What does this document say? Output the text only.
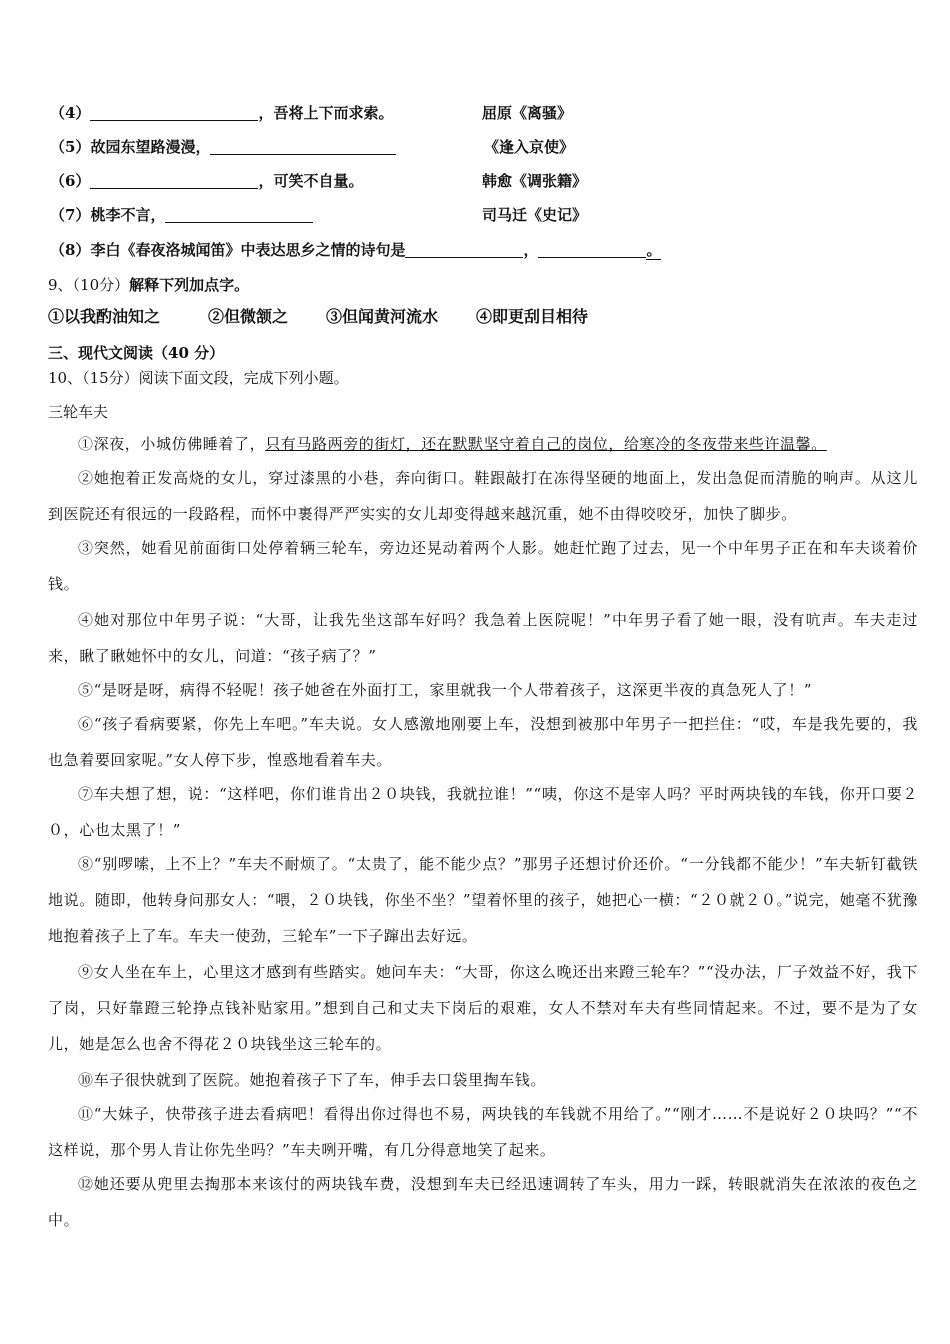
（4）	，吾将上下而求索。	屈原《离骚》
（5）故园东望路漫漫，	《逢入京使》
（6）	，可笑不自量。	韩愈《调张籍》
（7）桃李不言，	司马迁《史记》
（8）李白《春夜洛城闻笛》中表达思乡之情的诗句是	，	。
9、（10分）解释下列加点字。
①以我酌油知之	②但微颔之 ③但闻黄河流水 ④即更刮目相待
三、现代文阅读（40 分）
10、（15分）阅读下面文段，完成下列小题。
三轮车夫
①深夜，小城仿佛睡着了，只有马路两旁的街灯，还在默默坚守着自己的岗位，给寒冷的冬夜带来些许温馨。
②她抱着正发高烧的女儿，穿过漆黑的小巷，奔向街口。鞋跟敲打在冻得坚硬的地面上，发出急促而清脆的响声。从这儿到医院还有很远的一段路程，而怀中裹得严严实实的女儿却变得越来越沉重，她不由得咬咬牙，加快了脚步。
③突然，她看见前面街口处停着辆三轮车，旁边还晃动着两个人影。她赶忙跑了过去，见一个中年男子正在和车夫谈着价钱。
④她对那位中年男子说：“大哥，让我先坐这部车好吗？我急着上医院呢！”中年男子看了她一眼，没有吭声。车夫走过来，瞅了瞅她怀中的女儿，问道：“孩子病了？”
⑤“是呀是呀，病得不轻呢！孩子她爸在外面打工，家里就我一个人带着孩子，这深更半夜的真急死人了！”
⑥“孩子看病要紧，你先上车吧。”车夫说。女人感激地刚要上车，没想到被那中年男子一把拦住：“哎，车是我先要的，我也急着要回家呢。”女人停下步，惶惑地看着车夫。
⑦车夫想了想，说：“这样吧，你们谁肯出２０块钱，我就拉谁！”“咦，你这不是宰人吗？平时两块钱的车钱，你开口要２０，心也太黑了！”
⑧“别啰嗦，上不上？”车夫不耐烦了。“太贵了，能不能少点？”那男子还想讨价还价。“一分钱都不能少！”车夫斩钉截铁地说。随即，他转身问那女人：“喂，２０块钱，你坐不坐？”望着怀里的孩子，她把心一横：“２０就２０。”说完，她毫不犹豫地抱着孩子上了车。车夫一使劲，三轮车”一下子蹿出去好远。
⑨女人坐在车上，心里这才感到有些踏实。她问车夫：“大哥，你这么晚还出来蹬三轮车？”“没办法，厂子效益不好，我下了岗，只好靠蹬三轮挣点钱补贴家用。”想到自己和丈夫下岗后的艰难，女人不禁对车夫有些同情起来。不过，要不是为了女儿，她是怎么也舍不得花２０块钱坐这三轮车的。
⑩车子很快就到了医院。她抱着孩子下了车，伸手去口袋里掏车钱。
⑪“大妹子，快带孩子进去看病吧！看得出你过得也不易，两块钱的车钱就不用给了。”“刚才……不是说好２０块吗？”“不这样说，那个男人肯让你先坐吗？”车夫咧开嘴，有几分得意地笑了起来。
⑫她还要从兜里去掏那本来该付的两块钱车费，没想到车夫已经迅速调转了车头，用力一踩，转眼就消失在浓浓的夜色之中。
